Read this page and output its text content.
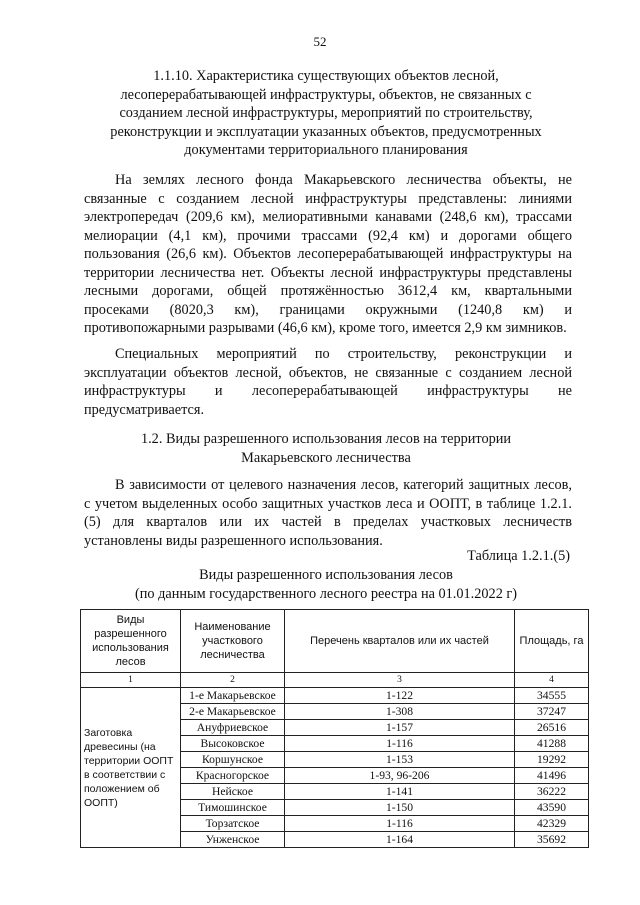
52
1.1.10. Характеристика существующих объектов лесной,
лесоперерабатывающей инфраструктуры, объектов, не связанных с
созданием лесной инфраструктуры, мероприятий по строительству,
реконструкции и эксплуатации указанных объектов, предусмотренных
документами территориального планирования

На землях лесного фонда Макарьевского лесничества объекты, не связанные с созданием лесной инфраструктуры представлены: линиями электропередач (209,6 км), мелиоративными канавами (248,6 км), трассами мелиорации (4,1 км), прочими трассами (92,4 км) и дорогами общего пользования (26,6 км). Объектов лесоперерабатывающей инфраструктуры на территории лесничества нет. Объекты лесной инфраструктуры представлены лесными дорогами, общей протяжённостью 3612,4 км, квартальными просеками (8020,3 км), границами окружными (1240,8 км) и противопожарными разрывами (46,6 км), кроме того, имеется 2,9 км зимников.

Специальных мероприятий по строительству, реконструкции и эксплуатации объектов лесной, объектов, не связанные с созданием лесной инфраструктуры и лесоперерабатывающей инфраструктуры не предусматривается.

1.2. Виды разрешенного использования лесов на территории
Макарьевского лесничества

В зависимости от целевого назначения лесов, категорий защитных лесов, с учетом выделенных особо защитных участков леса и ООПТ, в таблице 1.2.1.(5) для кварталов или их частей в пределах участковых лесничеств установлены виды разрешенного использования.

Таблица 1.2.1.(5)
Виды разрешенного использования лесов
(по данным государственного лесного реестра на 01.01.2022 г)
Виды разрешенного использования лесов	Наименование участкового лесничества	Перечень кварталов или их частей	Площадь, га
1	2	3	4
Заготовка древесины (на территории ООПТ в соответствии с положением об ООПТ)	1-е Макарьевское	1-122	34555
	2-е Макарьевское	1-308	37247
	Ануфриевское	1-157	26516
	Высоковское	1-116	41288
	Коршунское	1-153	19292
	Красногорское	1-93, 96-206	41496
	Нейское	1-141	36222
	Тимошинское	1-150	43590
	Торзатское	1-116	42329
	Унженское	1-164	35692
